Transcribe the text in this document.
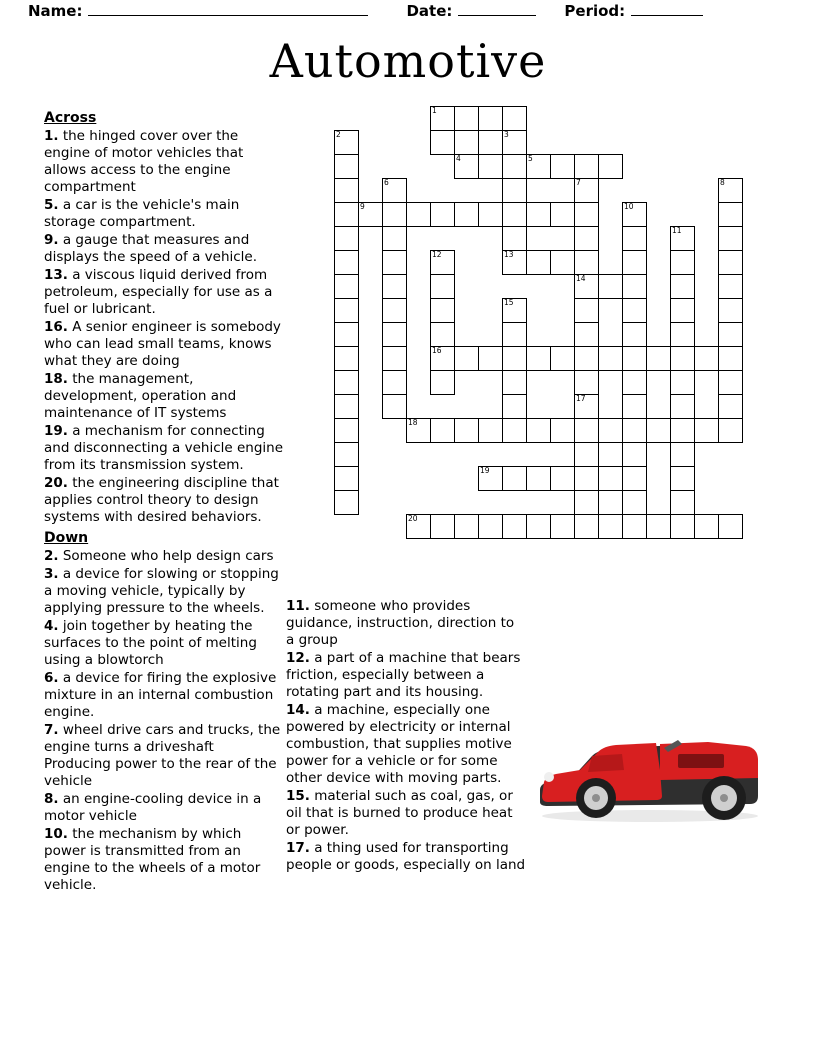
Name:	Date:	Period:
Automotive
Across

1. the hinged cover over the engine of motor vehicles that allows access to the engine compartment

5. a car is the vehicle's main storage compartment.

9. a gauge that measures and displays the speed of a vehicle.

13. a viscous liquid derived from petroleum, especially for use as a fuel or lubricant.

16. A senior engineer is somebody who can lead small teams, knows what they are doing

18. the management, development, operation and maintenance of IT systems

19. a mechanism for connecting and disconnecting a vehicle engine from its transmission system.

20. the engineering discipline that applies control theory to design systems with desired behaviors.

Down

2. Someone who help design cars

3. a device for slowing or stopping a moving vehicle, typically by applying pressure to the wheels.

4. join together by heating the surfaces to the point of melting using a blowtorch

6. a device for firing the explosive mixture in an internal combustion engine.

7. wheel drive cars and trucks, the engine turns a driveshaft Producing power to the rear of the vehicle

8. an engine-cooling device in a motor vehicle

10. the mechanism by which power is transmitted from an engine to the wheels of a motor vehicle.

11. someone who provides guidance, instruction, direction to a group

12. a part of a machine that bears friction, especially between a rotating part and its housing.

14. a machine, especially one powered by electricity or internal combustion, that supplies motive power for a vehicle or for some other device with moving parts.

15. material such as coal, gas, or oil that is burned to produce heat or power.

17. a thing used for transporting people or goods, especially on land

1
2	3
4	5
6	7	8
9	10
11
12	13
14
15
16
17
18
19
20
